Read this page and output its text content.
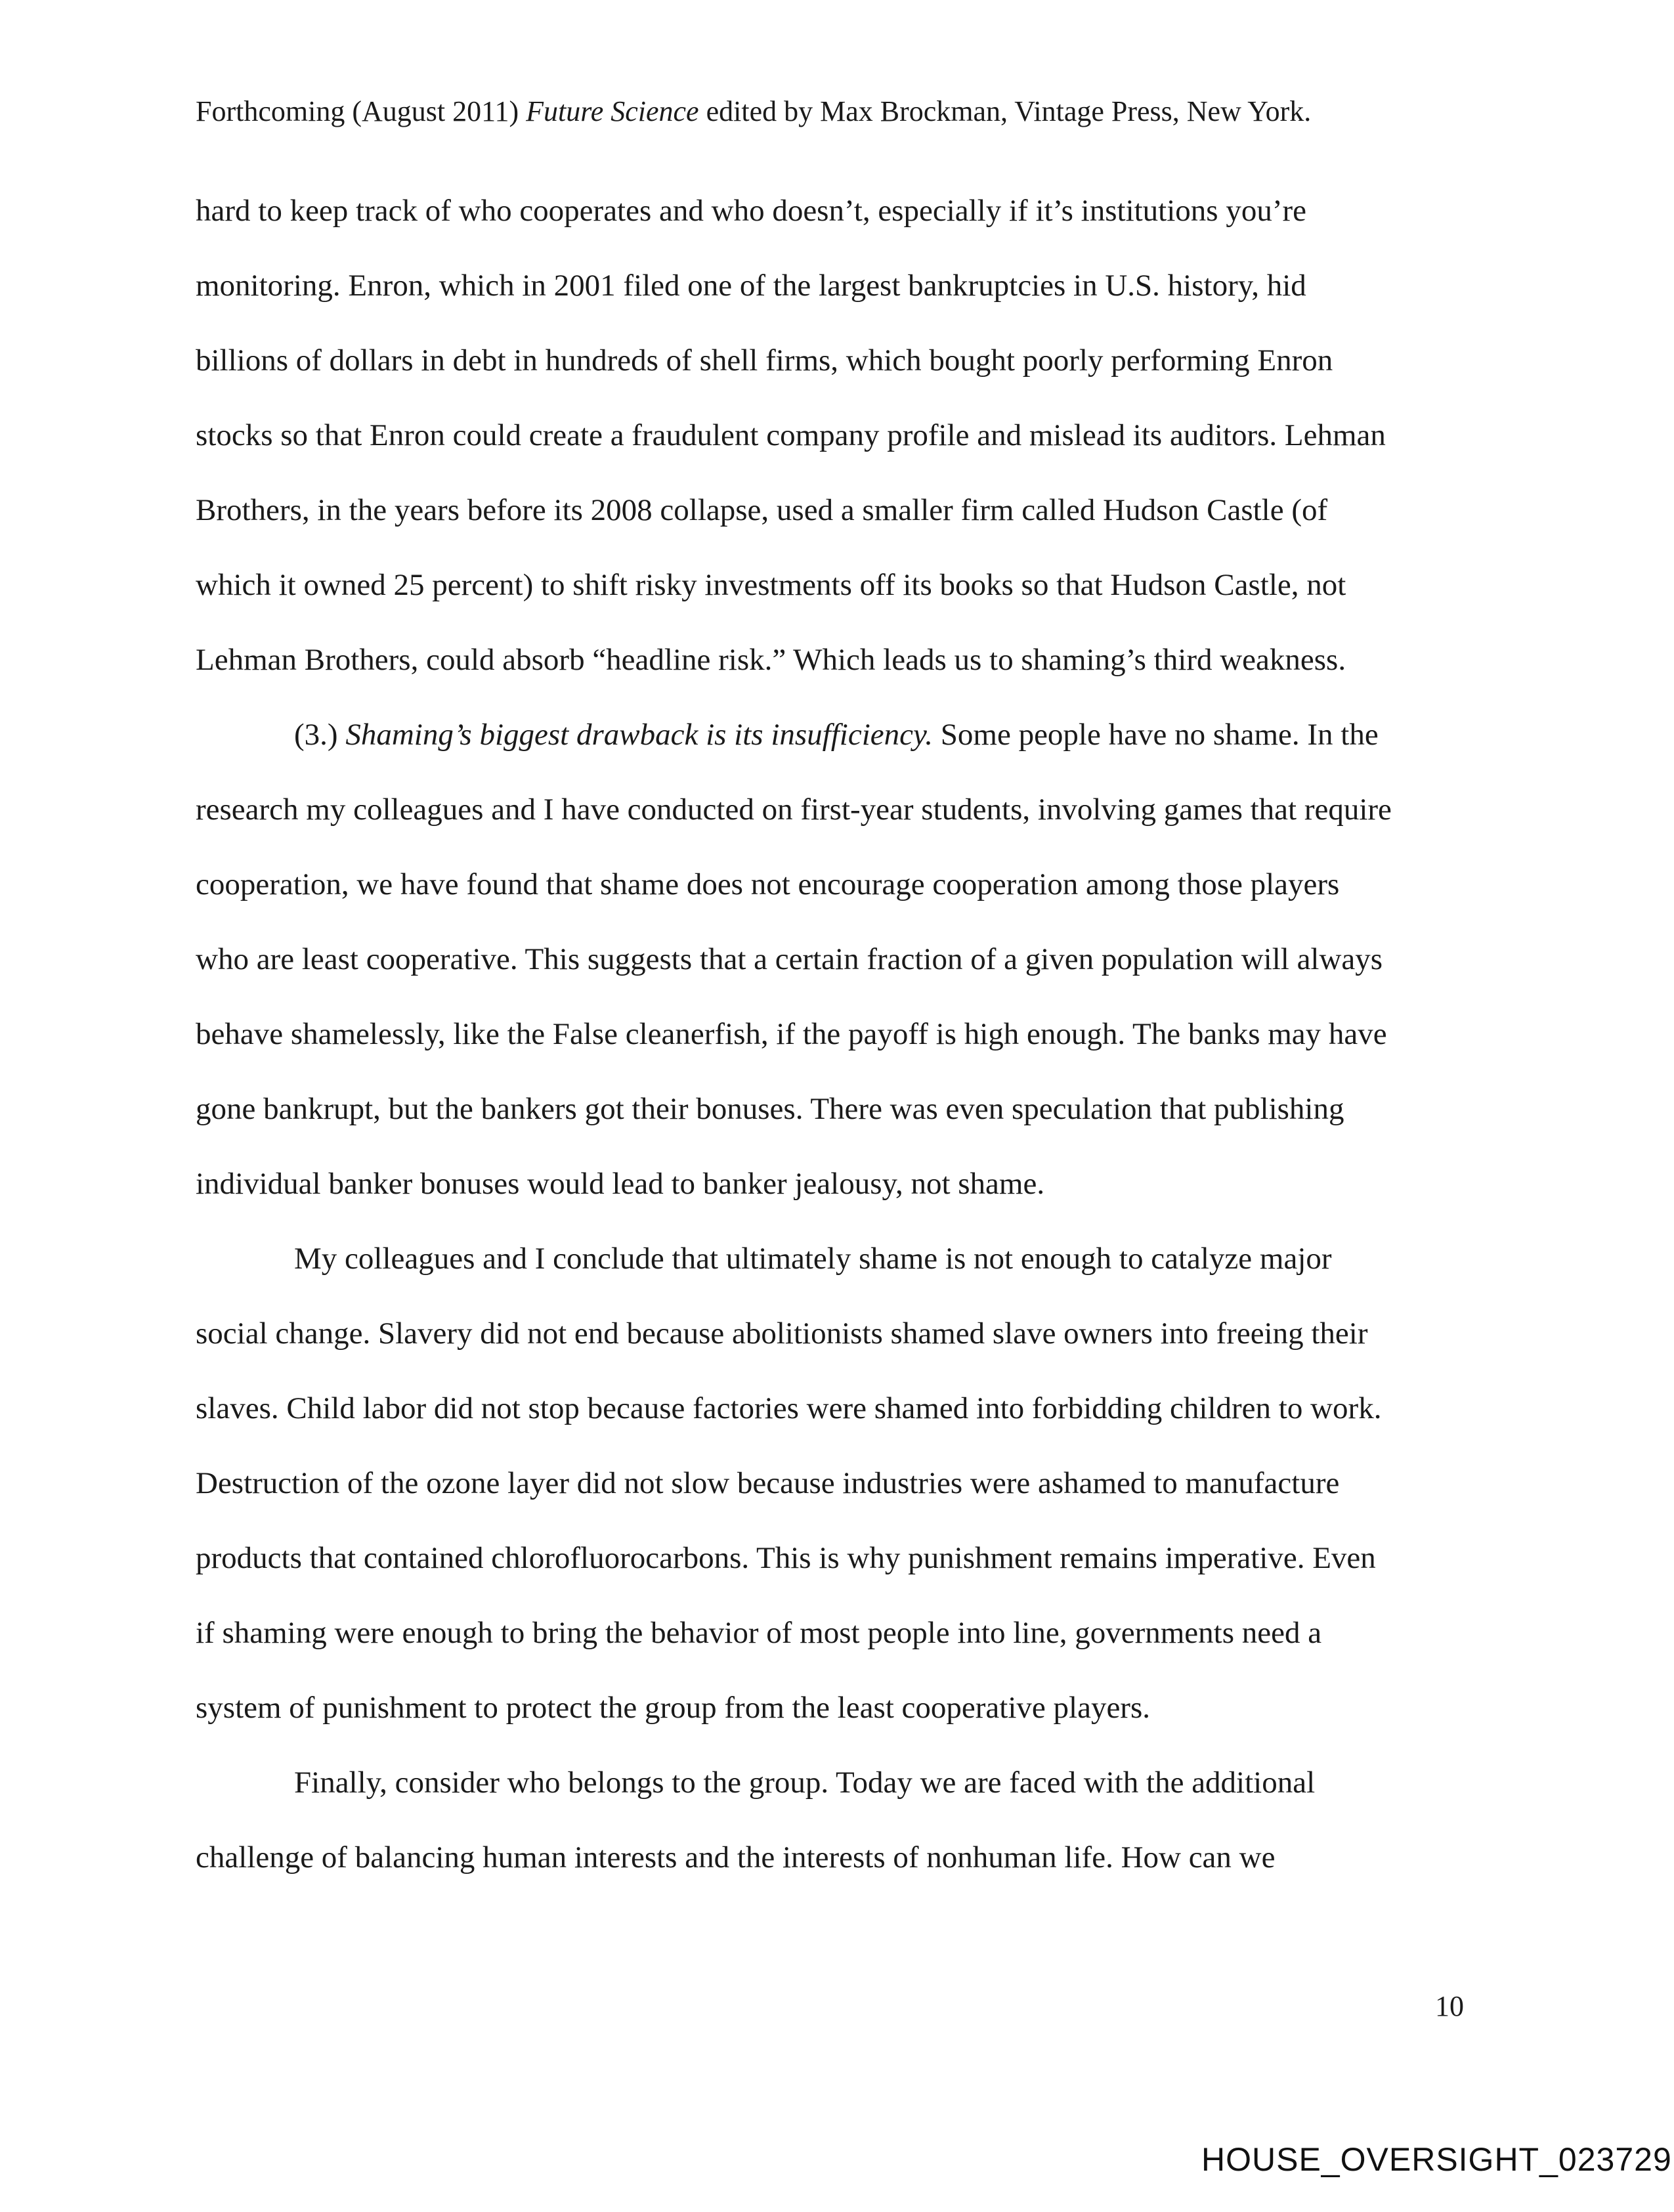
Forthcoming (August 2011) Future Science edited by Max Brockman, Vintage Press, New York.
hard to keep track of who cooperates and who doesn’t, especially if it’s institutions you’re
monitoring. Enron, which in 2001 filed one of the largest bankruptcies in U.S. history, hid
billions of dollars in debt in hundreds of shell firms, which bought poorly performing Enron
stocks so that Enron could create a fraudulent company profile and mislead its auditors. Lehman
Brothers, in the years before its 2008 collapse, used a smaller firm called Hudson Castle (of
which it owned 25 percent) to shift risky investments off its books so that Hudson Castle, not
Lehman Brothers, could absorb “headline risk.” Which leads us to shaming’s third weakness.
(3.) Shaming’s biggest drawback is its insufficiency. Some people have no shame. In the
research my colleagues and I have conducted on first-year students, involving games that require
cooperation, we have found that shame does not encourage cooperation among those players
who are least cooperative. This suggests that a certain fraction of a given population will always
behave shamelessly, like the False cleanerfish, if the payoff is high enough. The banks may have
gone bankrupt, but the bankers got their bonuses. There was even speculation that publishing
individual banker bonuses would lead to banker jealousy, not shame.
My colleagues and I conclude that ultimately shame is not enough to catalyze major
social change. Slavery did not end because abolitionists shamed slave owners into freeing their
slaves. Child labor did not stop because factories were shamed into forbidding children to work.
Destruction of the ozone layer did not slow because industries were ashamed to manufacture
products that contained chlorofluorocarbons. This is why punishment remains imperative. Even
if shaming were enough to bring the behavior of most people into line, governments need a
system of punishment to protect the group from the least cooperative players.
Finally, consider who belongs to the group. Today we are faced with the additional
challenge of balancing human interests and the interests of nonhuman life. How can we
10
HOUSE_OVERSIGHT_023729
